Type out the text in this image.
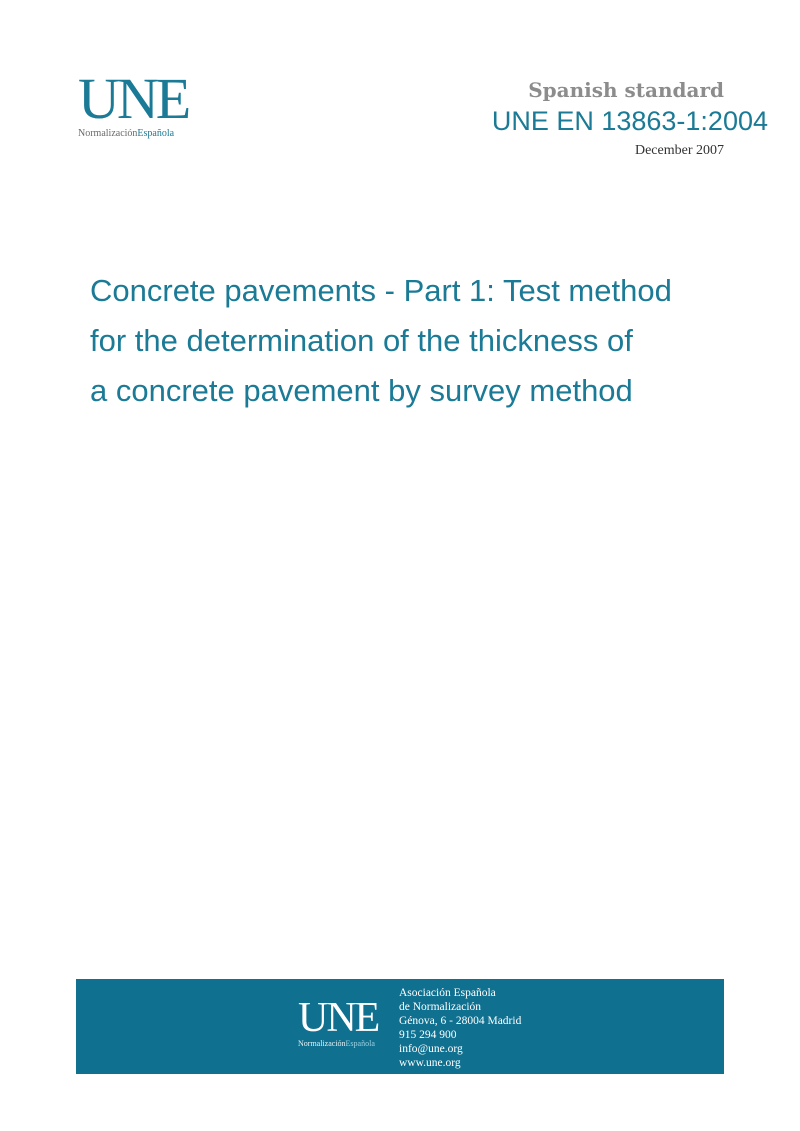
UNE
NormalizaciónEspañola
Spanish standard
UNE EN 13863-1:2004
December 2007
Concrete pavements - Part 1: Test method
for the determination of the thickness of
a concrete pavement by survey method
UNE
NormalizaciónEspañola
Asociación Española
de Normalización
Génova, 6 - 28004 Madrid
915 294 900
info@une.org
www.une.org
